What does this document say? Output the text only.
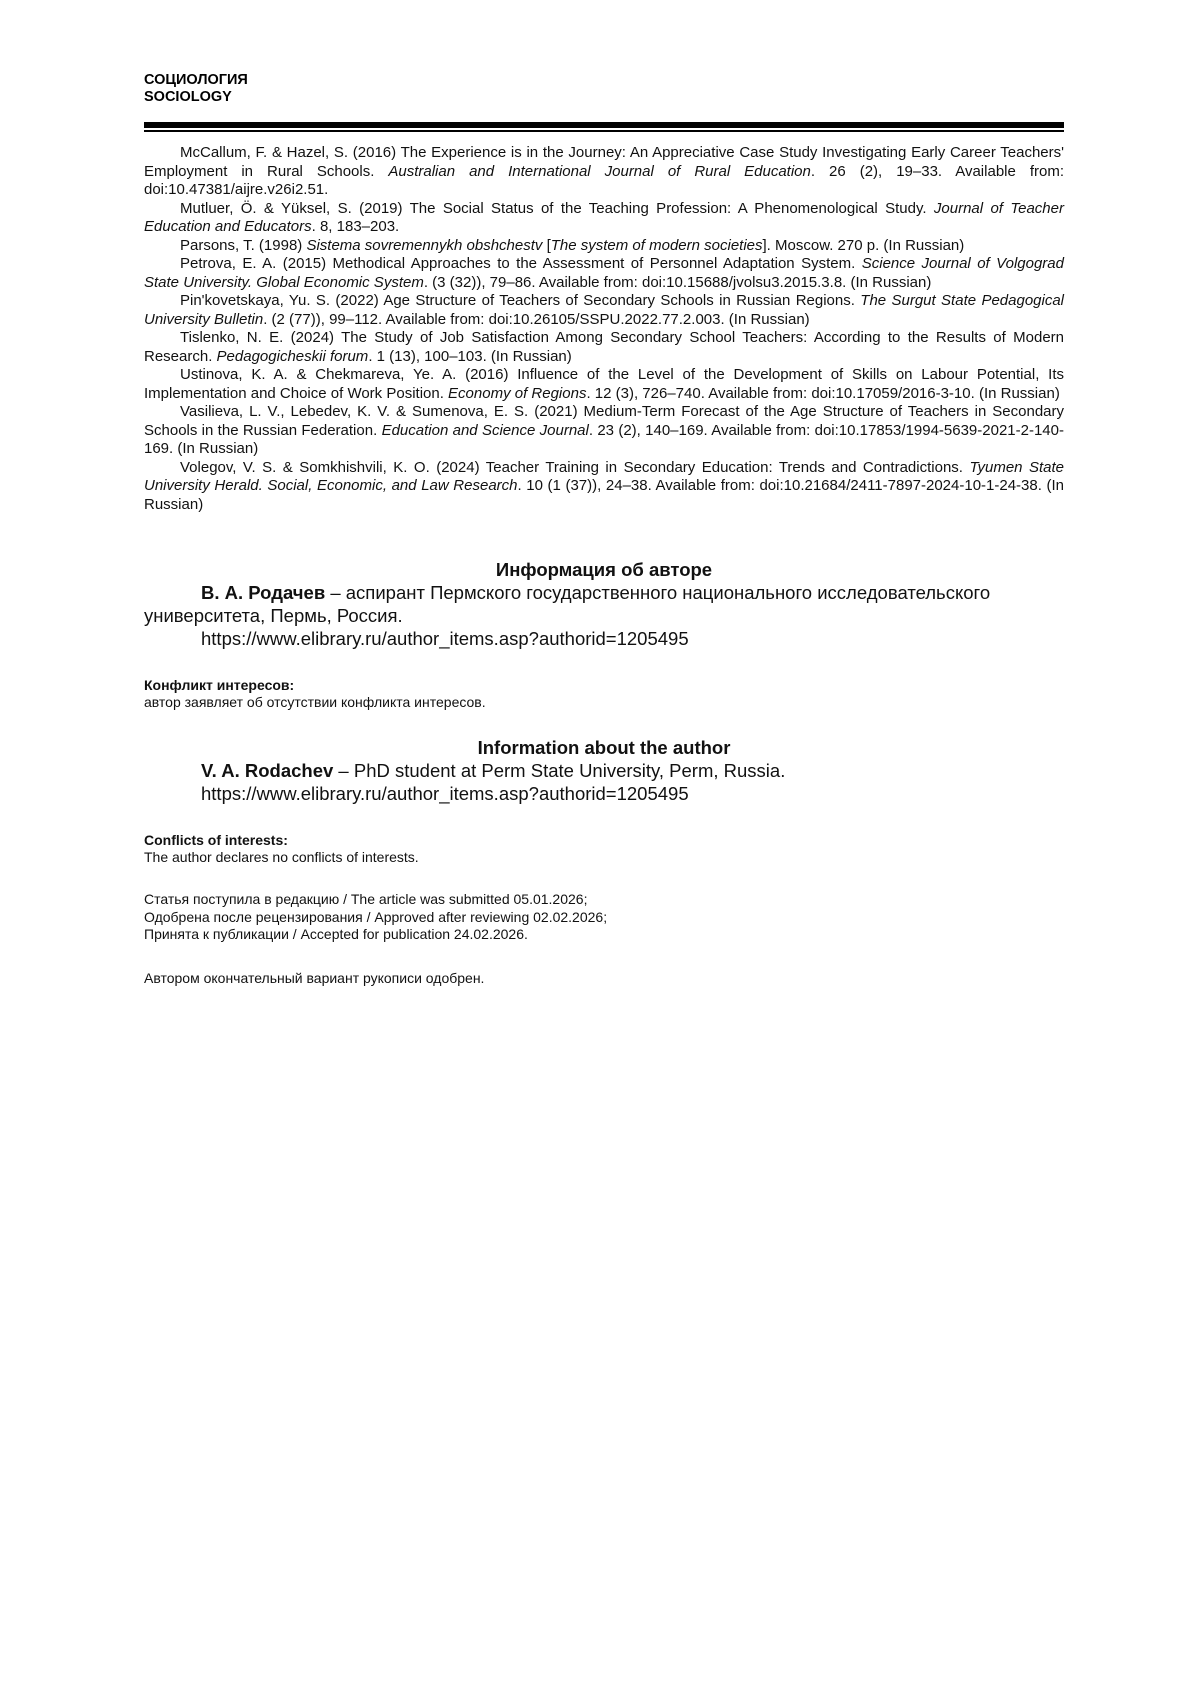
СОЦИОЛОГИЯ
SOCIOLOGY

McCallum, F. & Hazel, S. (2016) The Experience is in the Journey: An Appreciative Case Study Investigating Early Career Teachers' Employment in Rural Schools. Australian and International Journal of Rural Education. 26 (2), 19–33. Available from: doi:10.47381/aijre.v26i2.51.

Mutluer, Ö. & Yüksel, S. (2019) The Social Status of the Teaching Profession: A Phenomenological Study. Journal of Teacher Education and Educators. 8, 183–203.

Parsons, T. (1998) Sistema sovremennykh obshchestv [The system of modern societies]. Moscow. 270 p. (In Russian)

Petrova, E. A. (2015) Methodical Approaches to the Assessment of Personnel Adaptation System. Science Journal of Volgograd State University. Global Economic System. (3 (32)), 79–86. Available from: doi:10.15688/jvolsu3.2015.3.8. (In Russian)

Pin'kovetskaya, Yu. S. (2022) Age Structure of Teachers of Secondary Schools in Russian Regions. The Surgut State Pedagogical University Bulletin. (2 (77)), 99–112. Available from: doi:10.26105/SSPU.2022.77.2.003. (In Russian)

Tislenko, N. E. (2024) The Study of Job Satisfaction Among Secondary School Teachers: According to the Results of Modern Research. Pedagogicheskii forum. 1 (13), 100–103. (In Russian)

Ustinova, K. A. & Chekmareva, Ye. A. (2016) Influence of the Level of the Development of Skills on Labour Potential, Its Implementation and Choice of Work Position. Economy of Regions. 12 (3), 726–740. Available from: doi:10.17059/2016-3-10. (In Russian)

Vasilieva, L. V., Lebedev, K. V. & Sumenova, E. S. (2021) Medium-Term Forecast of the Age Structure of Teachers in Secondary Schools in the Russian Federation. Education and Science Journal. 23 (2), 140–169. Available from: doi:10.17853/1994-5639-2021-2-140-169. (In Russian)

Volegov, V. S. & Somkhishvili, K. O. (2024) Teacher Training in Secondary Education: Trends and Contradictions. Tyumen State University Herald. Social, Economic, and Law Research. 10 (1 (37)), 24–38. Available from: doi:10.21684/2411-7897-2024-10-1-24-38. (In Russian)

Информация об авторе

В. А. Родачев – аспирант Пермского государственного национального исследовательского университета, Пермь, Россия.

https://www.elibrary.ru/author_items.asp?authorid=1205495

Конфликт интересов:
автор заявляет об отсутствии конфликта интересов.

Information about the author

V. A. Rodachev – PhD student at Perm State University, Perm, Russia.

https://www.elibrary.ru/author_items.asp?authorid=1205495

Conflicts of interests:
The author declares no conflicts of interests.
Статья поступила в редакцию / The article was submitted 05.01.2026;
Одобрена после рецензирования / Approved after reviewing 02.02.2026;
Принята к публикации / Accepted for publication 24.02.2026.
Автором окончательный вариант рукописи одобрен.
